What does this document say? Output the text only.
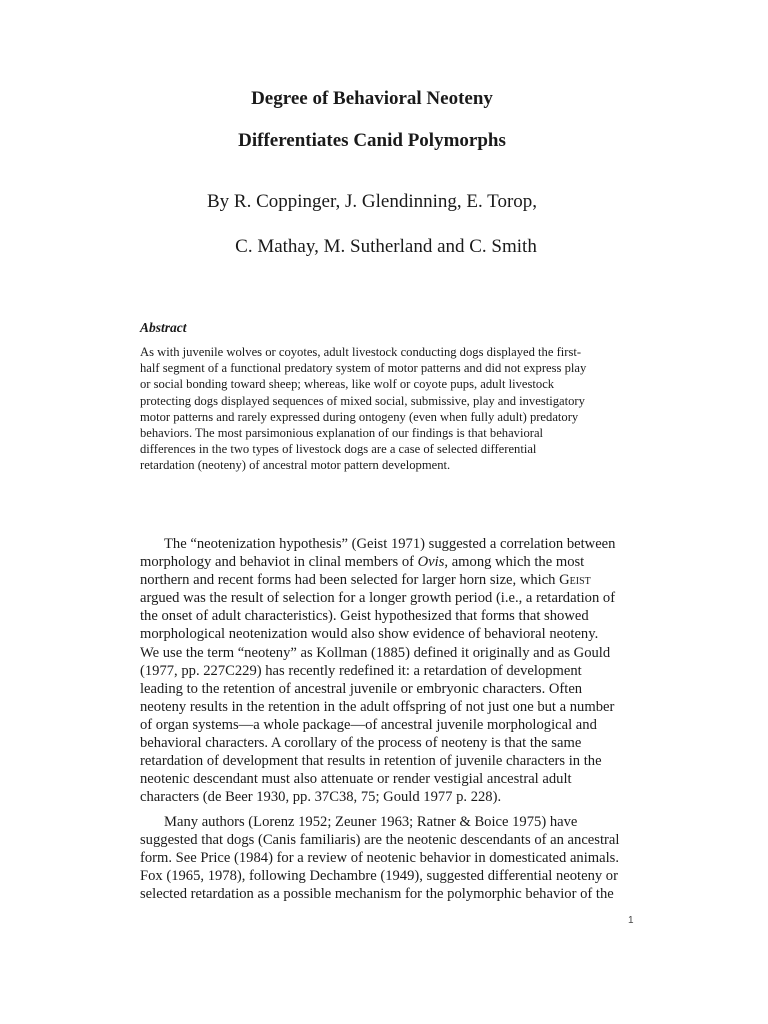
Degree of Behavioral Neoteny
Differentiates Canid Polymorphs

By R. Coppinger, J. Glendinning, E. Torop,

C. Mathay, M. Sutherland and C. Smith

Abstract
As with juvenile wolves or coyotes, adult livestock conducting dogs displayed the first-
half segment of a functional predatory system of motor patterns and did not express play
or social bonding toward sheep; whereas, like wolf or coyote pups, adult livestock
protecting dogs displayed sequences of mixed social, submissive, play and investigatory
motor patterns and rarely expressed during ontogeny (even when fully adult) predatory
behaviors. The most parsimonious explanation of our findings is that behavioral
differences in the two types of livestock dogs are a case of selected differential
retardation (neoteny) of ancestral motor pattern development.
The “neotenization hypothesis” (Geist 1971) suggested a correlation between
morphology and behaviot in clinal members of Ovis, among which the most
northern and recent forms had been selected for larger horn size, which Geist
argued was the result of selection for a longer growth period (i.e., a retardation of
the onset of adult characteristics). Geist hypothesized that forms that showed
morphological neotenization would also show evidence of behavioral neoteny.
We use the term “neoteny” as Kollman (1885) defined it originally and as Gould
(1977, pp. 227C229) has recently redefined it: a retardation of development
leading to the retention of ancestral juvenile or embryonic characters. Often
neoteny results in the retention in the adult offspring of not just one but a number
of organ systems—a whole package—of ancestral juvenile morphological and
behavioral characters. A corollary of the process of neoteny is that the same
retardation of development that results in retention of juvenile characters in the
neotenic descendant must also attenuate or render vestigial ancestral adult
characters (de Beer 1930, pp. 37C38, 75; Gould 1977 p. 228).
Many authors (Lorenz 1952; Zeuner 1963; Ratner & Boice 1975) have
suggested that dogs (Canis familiaris) are the neotenic descendants of an ancestral
form. See Price (1984) for a review of neotenic behavior in domesticated animals.
Fox (1965, 1978), following Dechambre (1949), suggested differential neoteny or
selected retardation as a possible mechanism for the polymorphic behavior of the
1
